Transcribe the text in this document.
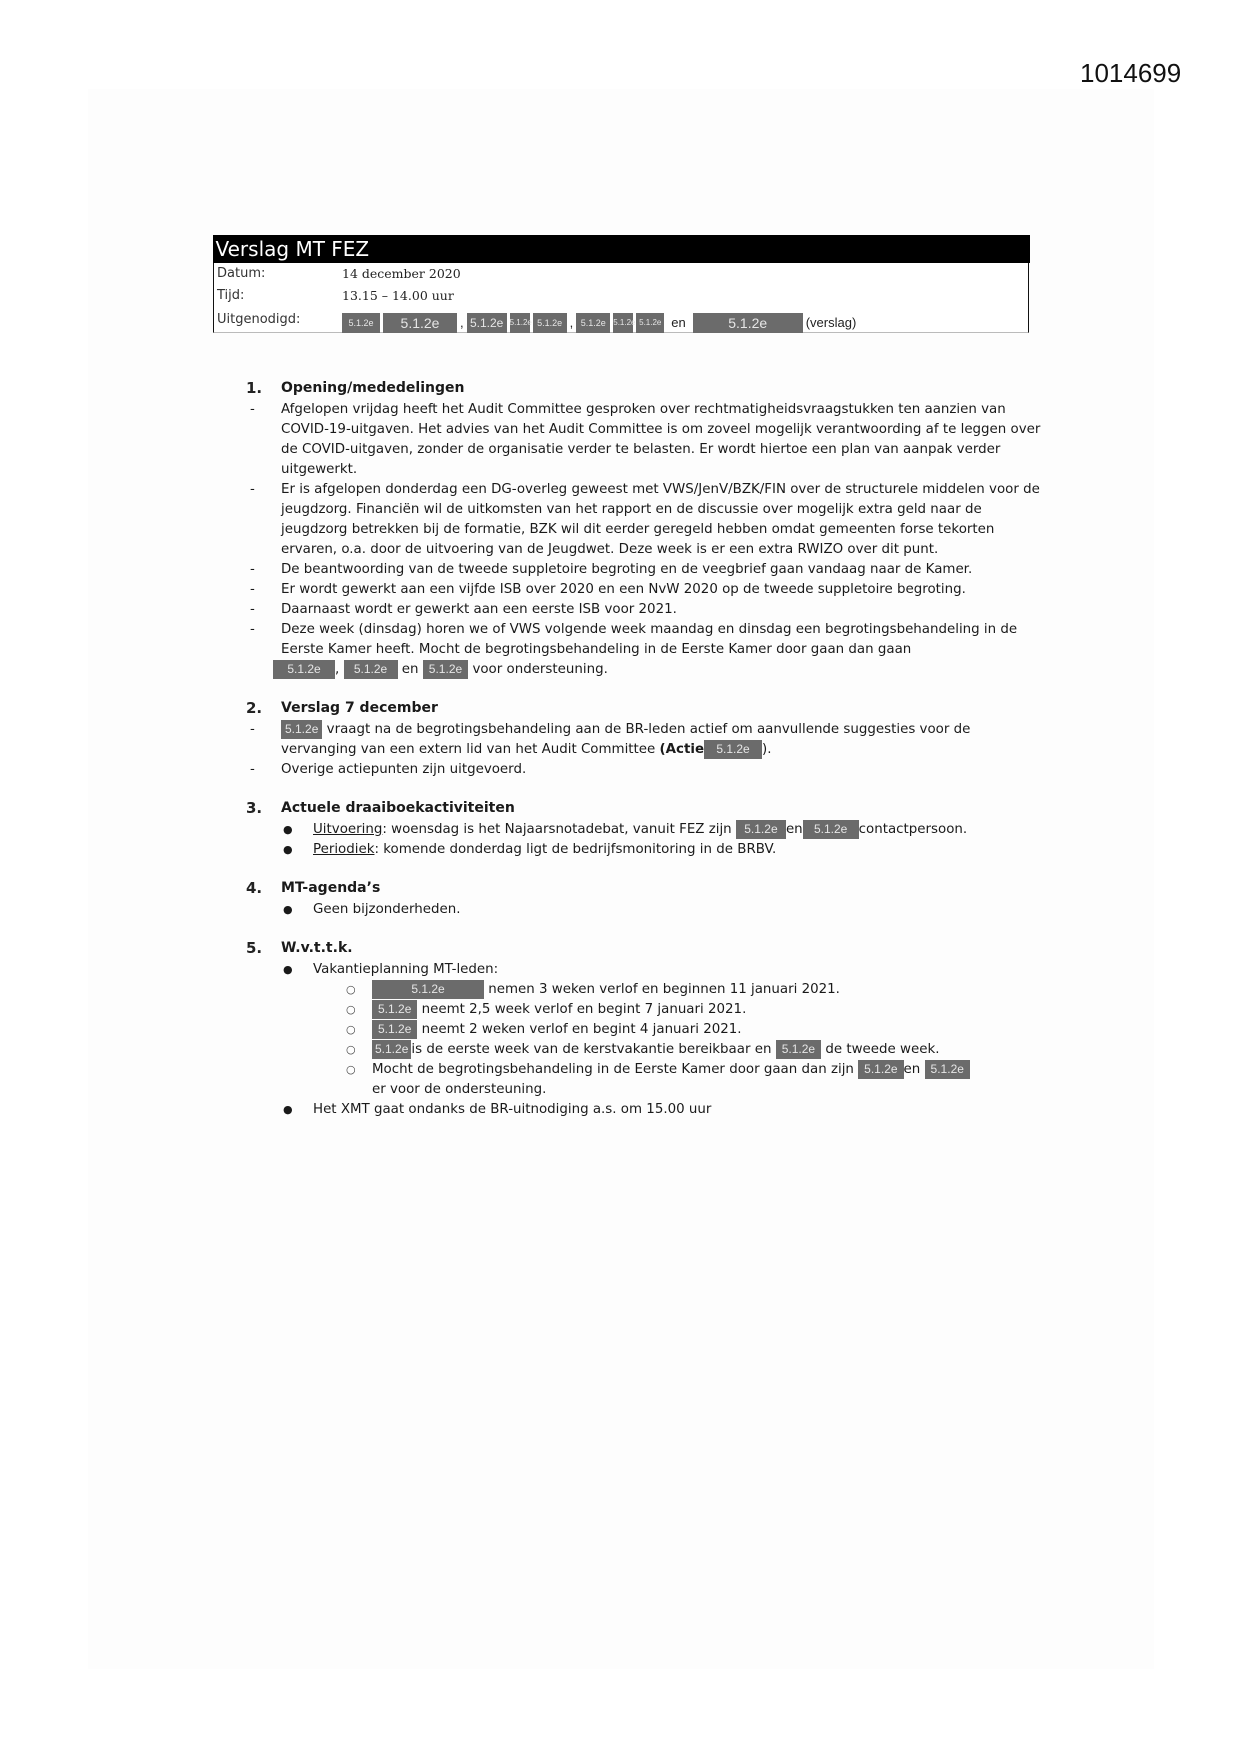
1014699
Verslag MT FEZ
Datum:	14 december 2020
Tijd:	13.15 – 14.00 uur
Uitgenodigd:	5.1.2e	5.1.2e	, 5.1.2e 5.1.2e 5.1.2e , 5.1.2e 5.1.2e 5.1.2e en	5.1.2e	(verslag)
1. Opening/mededelingen
- Afgelopen vrijdag heeft het Audit Committee gesproken over rechtmatigheidsvraagstukken ten aanzien van COVID-19-uitgaven. Het advies van het Audit Committee is om zoveel mogelijk verantwoording af te leggen over de COVID-uitgaven, zonder de organisatie verder te belasten. Er wordt hiertoe een plan van aanpak verder uitgewerkt.
- Er is afgelopen donderdag een DG-overleg geweest met VWS/JenV/BZK/FIN over de structurele middelen voor de jeugdzorg. Financiën wil de uitkomsten van het rapport en de discussie over mogelijk extra geld naar de jeugdzorg betrekken bij de formatie, BZK wil dit eerder geregeld hebben omdat gemeenten forse tekorten ervaren, o.a. door de uitvoering van de Jeugdwet. Deze week is er een extra RWIZO over dit punt.
- De beantwoording van de tweede suppletoire begroting en de veegbrief gaan vandaag naar de Kamer.
- Er wordt gewerkt aan een vijfde ISB over 2020 en een NvW 2020 op de tweede suppletoire begroting.
- Daarnaast wordt er gewerkt aan een eerste ISB voor 2021.
- Deze week (dinsdag) horen we of VWS volgende week maandag en dinsdag een begrotingsbehandeling in de Eerste Kamer heeft. Mocht de begrotingsbehandeling in de Eerste Kamer door gaan dan gaan
5.1.2e , 5.1.2e en 5.1.2e voor ondersteuning.
2. Verslag 7 december
-	5.1.2e vraagt na de begrotingsbehandeling aan de BR-leden actief om aanvullende suggesties voor de vervanging van een extern lid van het Audit Committee (Actie 5.1.2e ).
- Overige actiepunten zijn uitgevoerd.
3. Actuele draaiboekactiviteiten
● Uitvoering: woensdag is het Najaarsnotadebat, vanuit FEZ zijn 5.1.2e en 5.1.2e contactpersoon.
● Periodiek: komende donderdag ligt de bedrijfsmonitoring in de BRBV.
4. MT-agenda’s
● Geen bijzonderheden.
5. W.v.t.t.k.
● Vakantieplanning MT-leden:
○	5.1.2e	nemen 3 weken verlof en beginnen 11 januari 2021.
○ 5.1.2e neemt 2,5 week verlof en begint 7 januari 2021.
○ 5.1.2e neemt 2 weken verlof en begint 4 januari 2021.
○ 5.1.2e is de eerste week van de kerstvakantie bereikbaar en 5.1.2e de tweede week.
○ Mocht de begrotingsbehandeling in de Eerste Kamer door gaan dan zijn 5.1.2e en 5.1.2e
er voor de ondersteuning.
● Het XMT gaat ondanks de BR-uitnodiging a.s. om 15.00 uur
